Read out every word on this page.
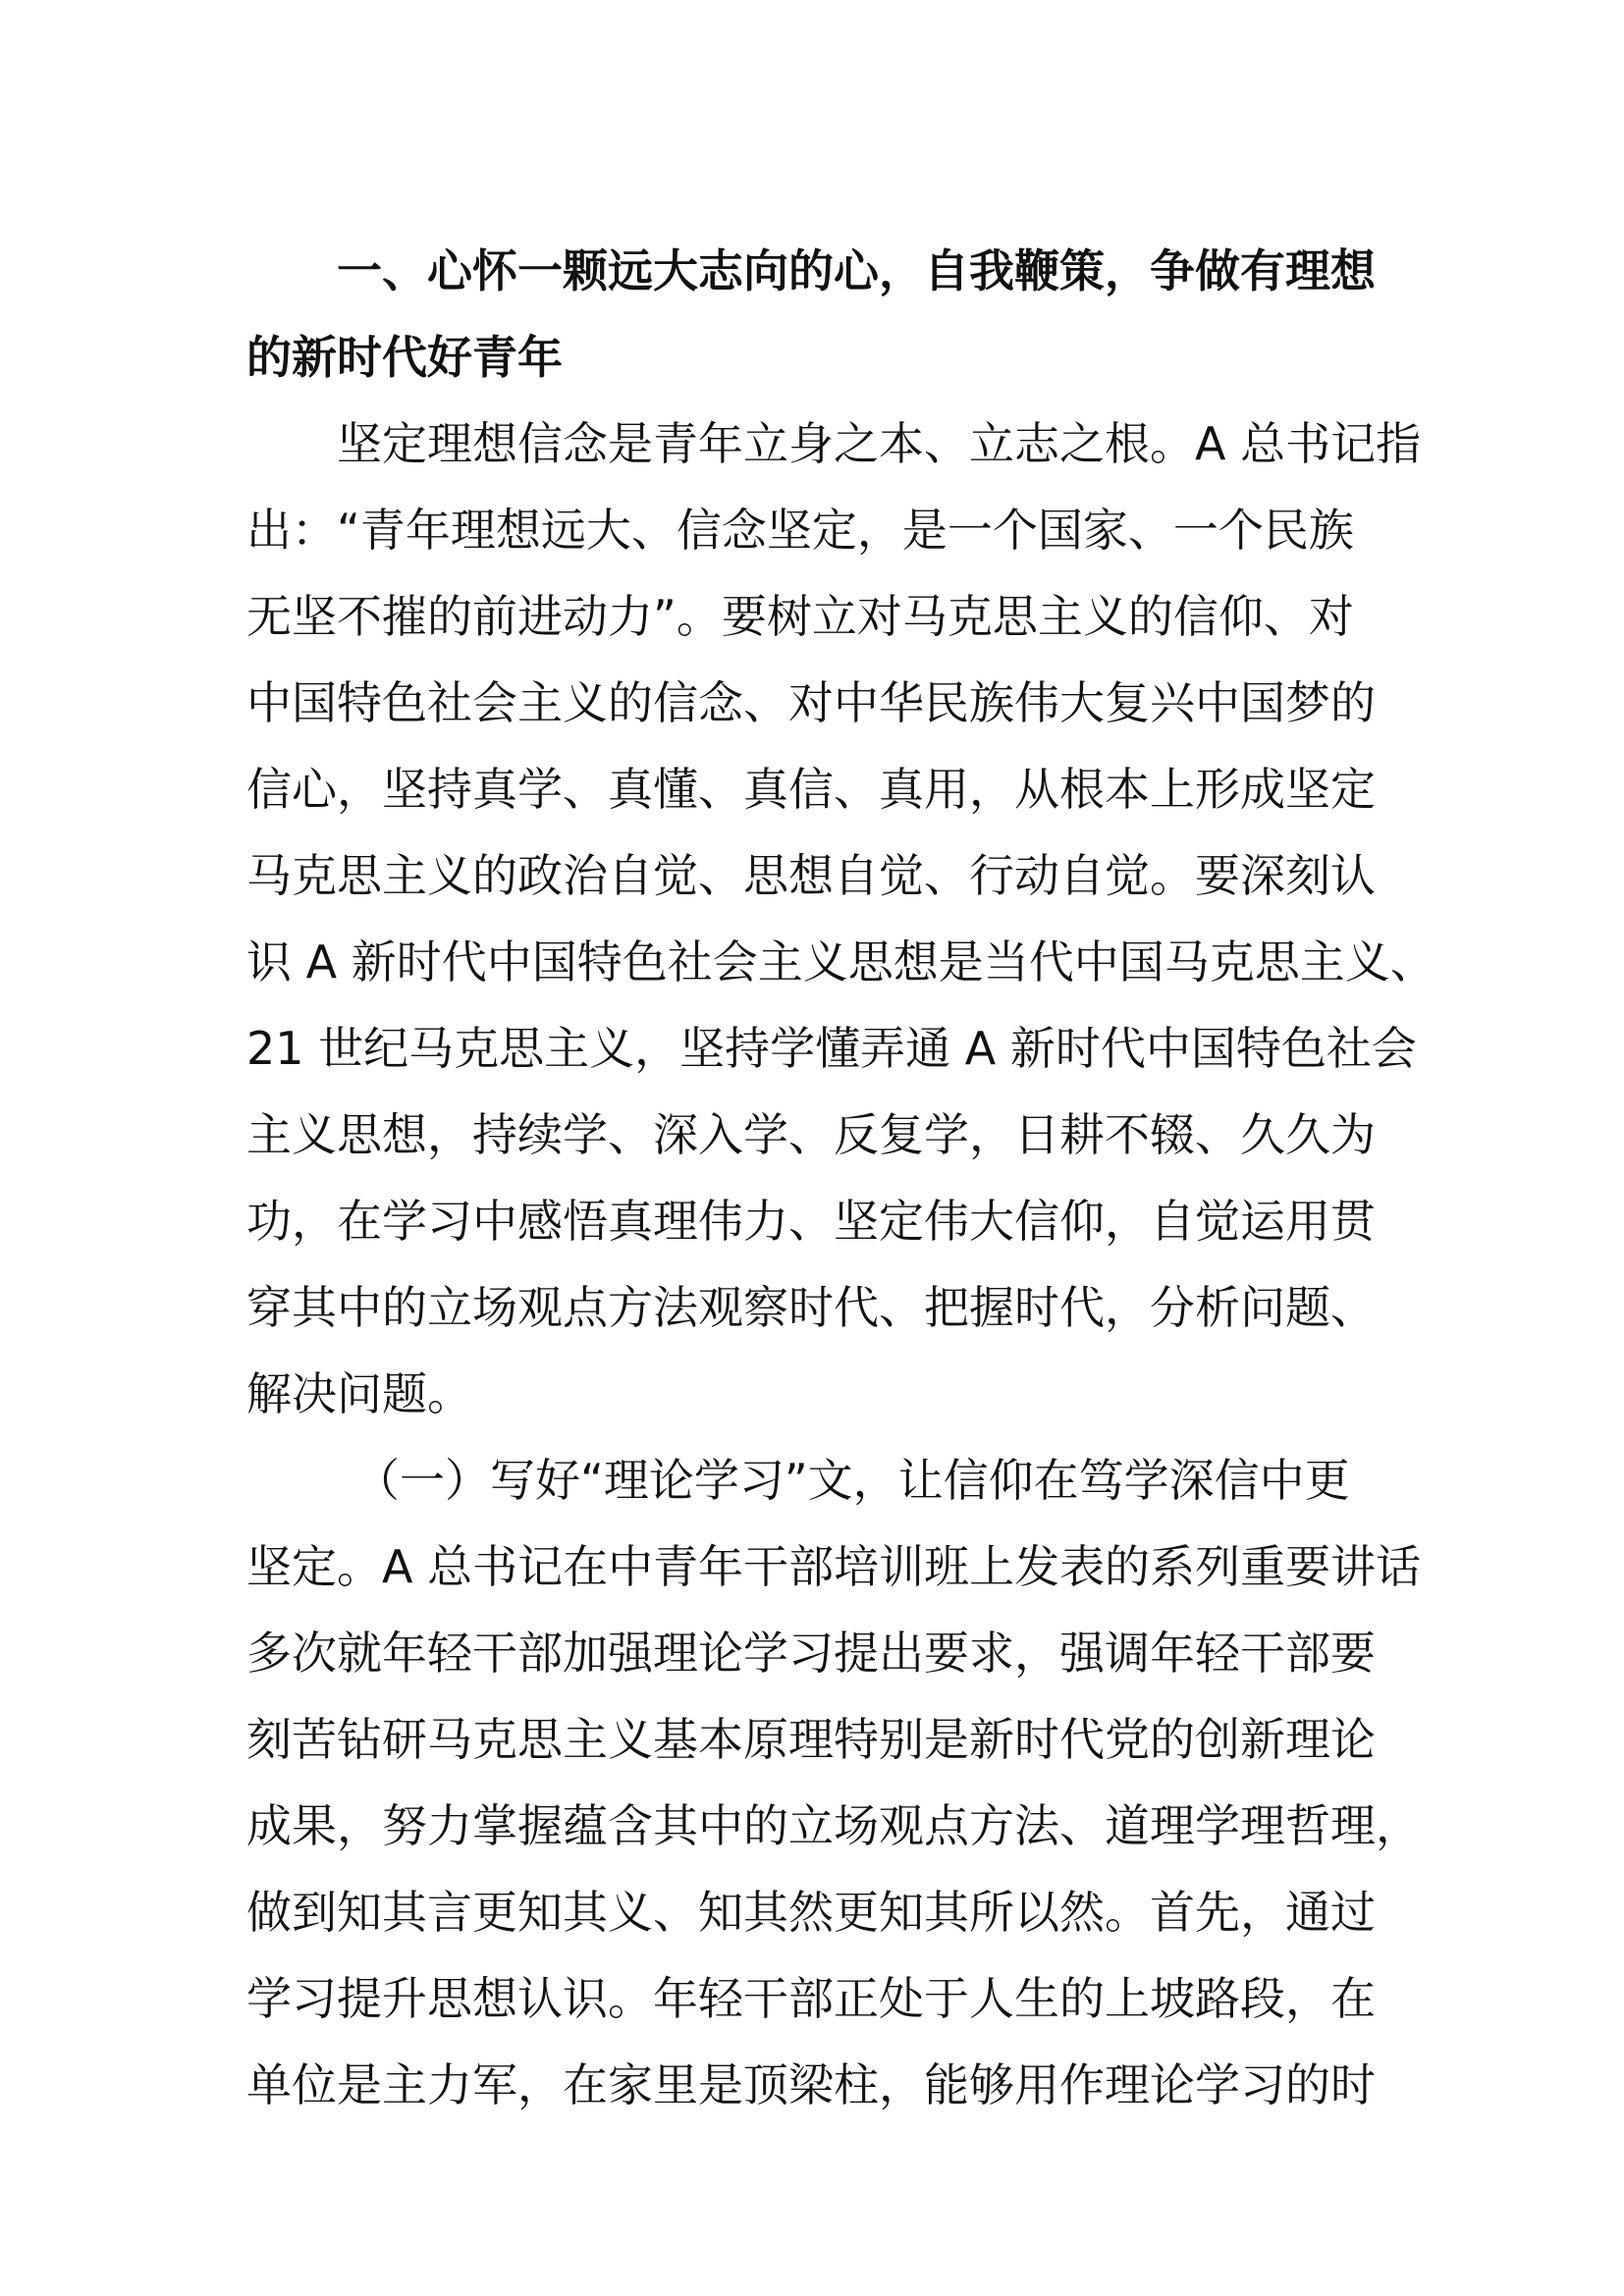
一、心怀一颗远大志向的心，自我鞭策，争做有理想
的新时代好青年
坚定理想信念是青年立身之本、立志之根。A 总书记指
出：“青年理想远大、信念坚定，是一个国家、一个民族
无坚不摧的前进动力”。要树立对马克思主义的信仰、对
中国特色社会主义的信念、对中华民族伟大复兴中国梦的
信心，坚持真学、真懂、真信、真用，从根本上形成坚定
马克思主义的政治自觉、思想自觉、行动自觉。要深刻认
识 A 新时代中国特色社会主义思想是当代中国马克思主义、
21 世纪马克思主义，坚持学懂弄通 A 新时代中国特色社会
主义思想，持续学、深入学、反复学，日耕不辍、久久为
功，在学习中感悟真理伟力、坚定伟大信仰，自觉运用贯
穿其中的立场观点方法观察时代、把握时代，分析问题、
解决问题。
（一）写好“理论学习”文，让信仰在笃学深信中更
坚定。A 总书记在中青年干部培训班上发表的系列重要讲话
多次就年轻干部加强理论学习提出要求，强调年轻干部要
刻苦钻研马克思主义基本原理特别是新时代党的创新理论
成果，努力掌握蕴含其中的立场观点方法、道理学理哲理，
做到知其言更知其义、知其然更知其所以然。首先，通过
学习提升思想认识。年轻干部正处于人生的上坡路段，在
单位是主力军，在家里是顶梁柱，能够用作理论学习的时
